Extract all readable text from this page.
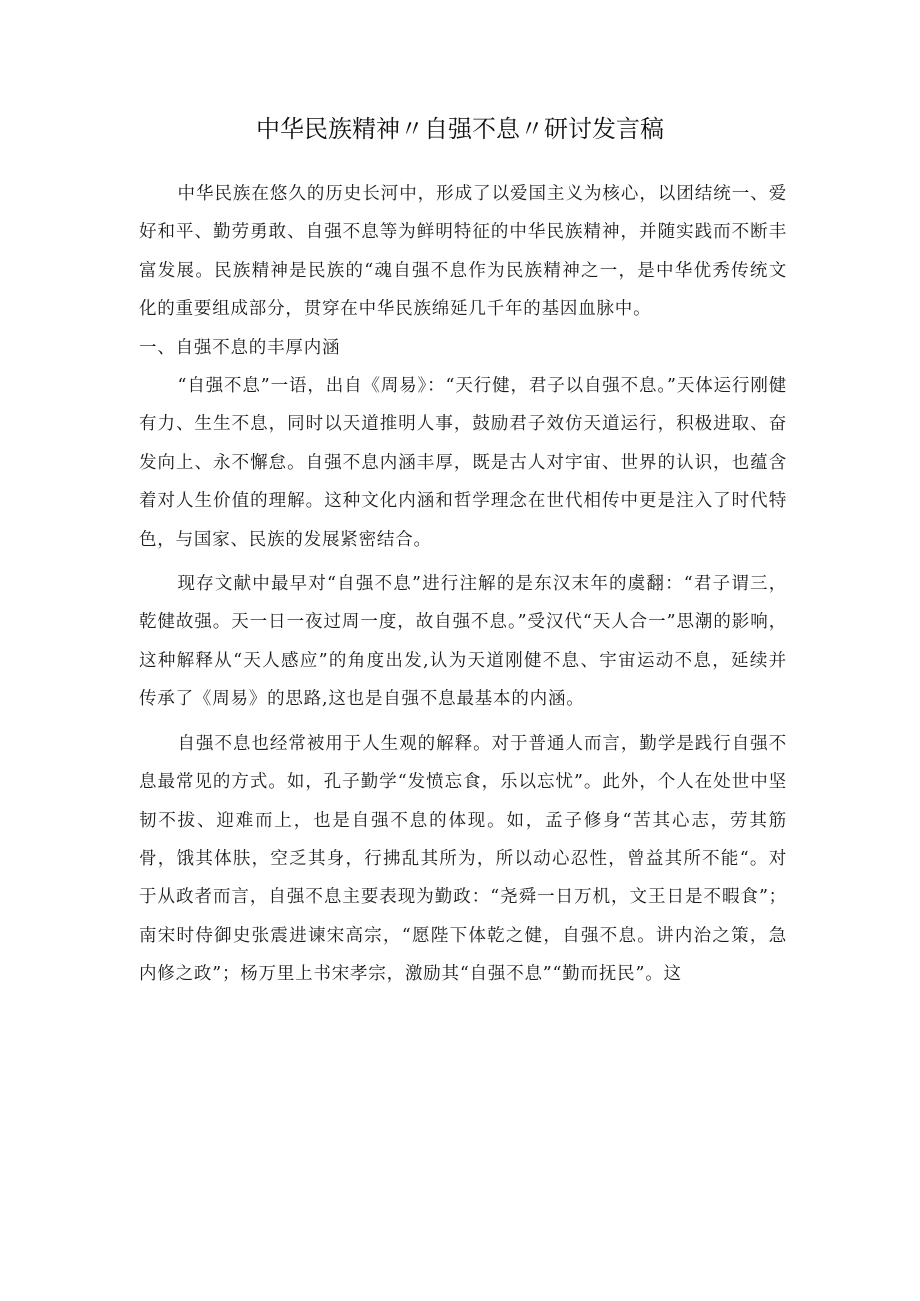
中华民族精神〃自强不息〃研讨发言稿

中华民族在悠久的历史长河中，形成了以爱国主义为核心，以团结统一、爱好和平、勤劳勇敢、自强不息等为鲜明特征的中华民族精神，并随实践而不断丰富发展。民族精神是民族的“魂自强不息作为民族精神之一，是中华优秀传统文化的重要组成部分，贯穿在中华民族绵延几千年的基因血脉中。

一、自强不息的丰厚内涵

“自强不息”一语，出自《周易》：“天行健，君子以自强不息。”天体运行刚健有力、生生不息，同时以天道推明人事，鼓励君子效仿天道运行，积极进取、奋发向上、永不懈怠。自强不息内涵丰厚，既是古人对宇宙、世界的认识，也蕴含着对人生价值的理解。这种文化内涵和哲学理念在世代相传中更是注入了时代特色，与国家、民族的发展紧密结合。

现存文献中最早对“自强不息”进行注解的是东汉末年的虞翻：“君子谓三，乾健故强。天一日一夜过周一度，故自强不息。”受汉代“天人合一”思潮的影响，这种解释从“天人感应”的角度出发,认为天道刚健不息、宇宙运动不息，延续并传承了《周易》的思路,这也是自强不息最基本的内涵。

自强不息也经常被用于人生观的解释。对于普通人而言，勤学是践行自强不息最常见的方式。如，孔子勤学“发愤忘食，乐以忘忧”。此外，个人在处世中坚韧不拔、迎难而上，也是自强不息的体现。如，孟子修身“苦其心志，劳其筋骨，饿其体肤，空乏其身，行拂乱其所为，所以动心忍性，曾益其所不能“。对于从政者而言，自强不息主要表现为勤政：“尧舜一日万机，文王日是不暇食”；南宋时侍御史张震进谏宋高宗，“愿陛下体乾之健，自强不息。讲内治之策，急内修之政”；杨万里上书宋孝宗，激励其“自强不息”“勤而抚民”。这
